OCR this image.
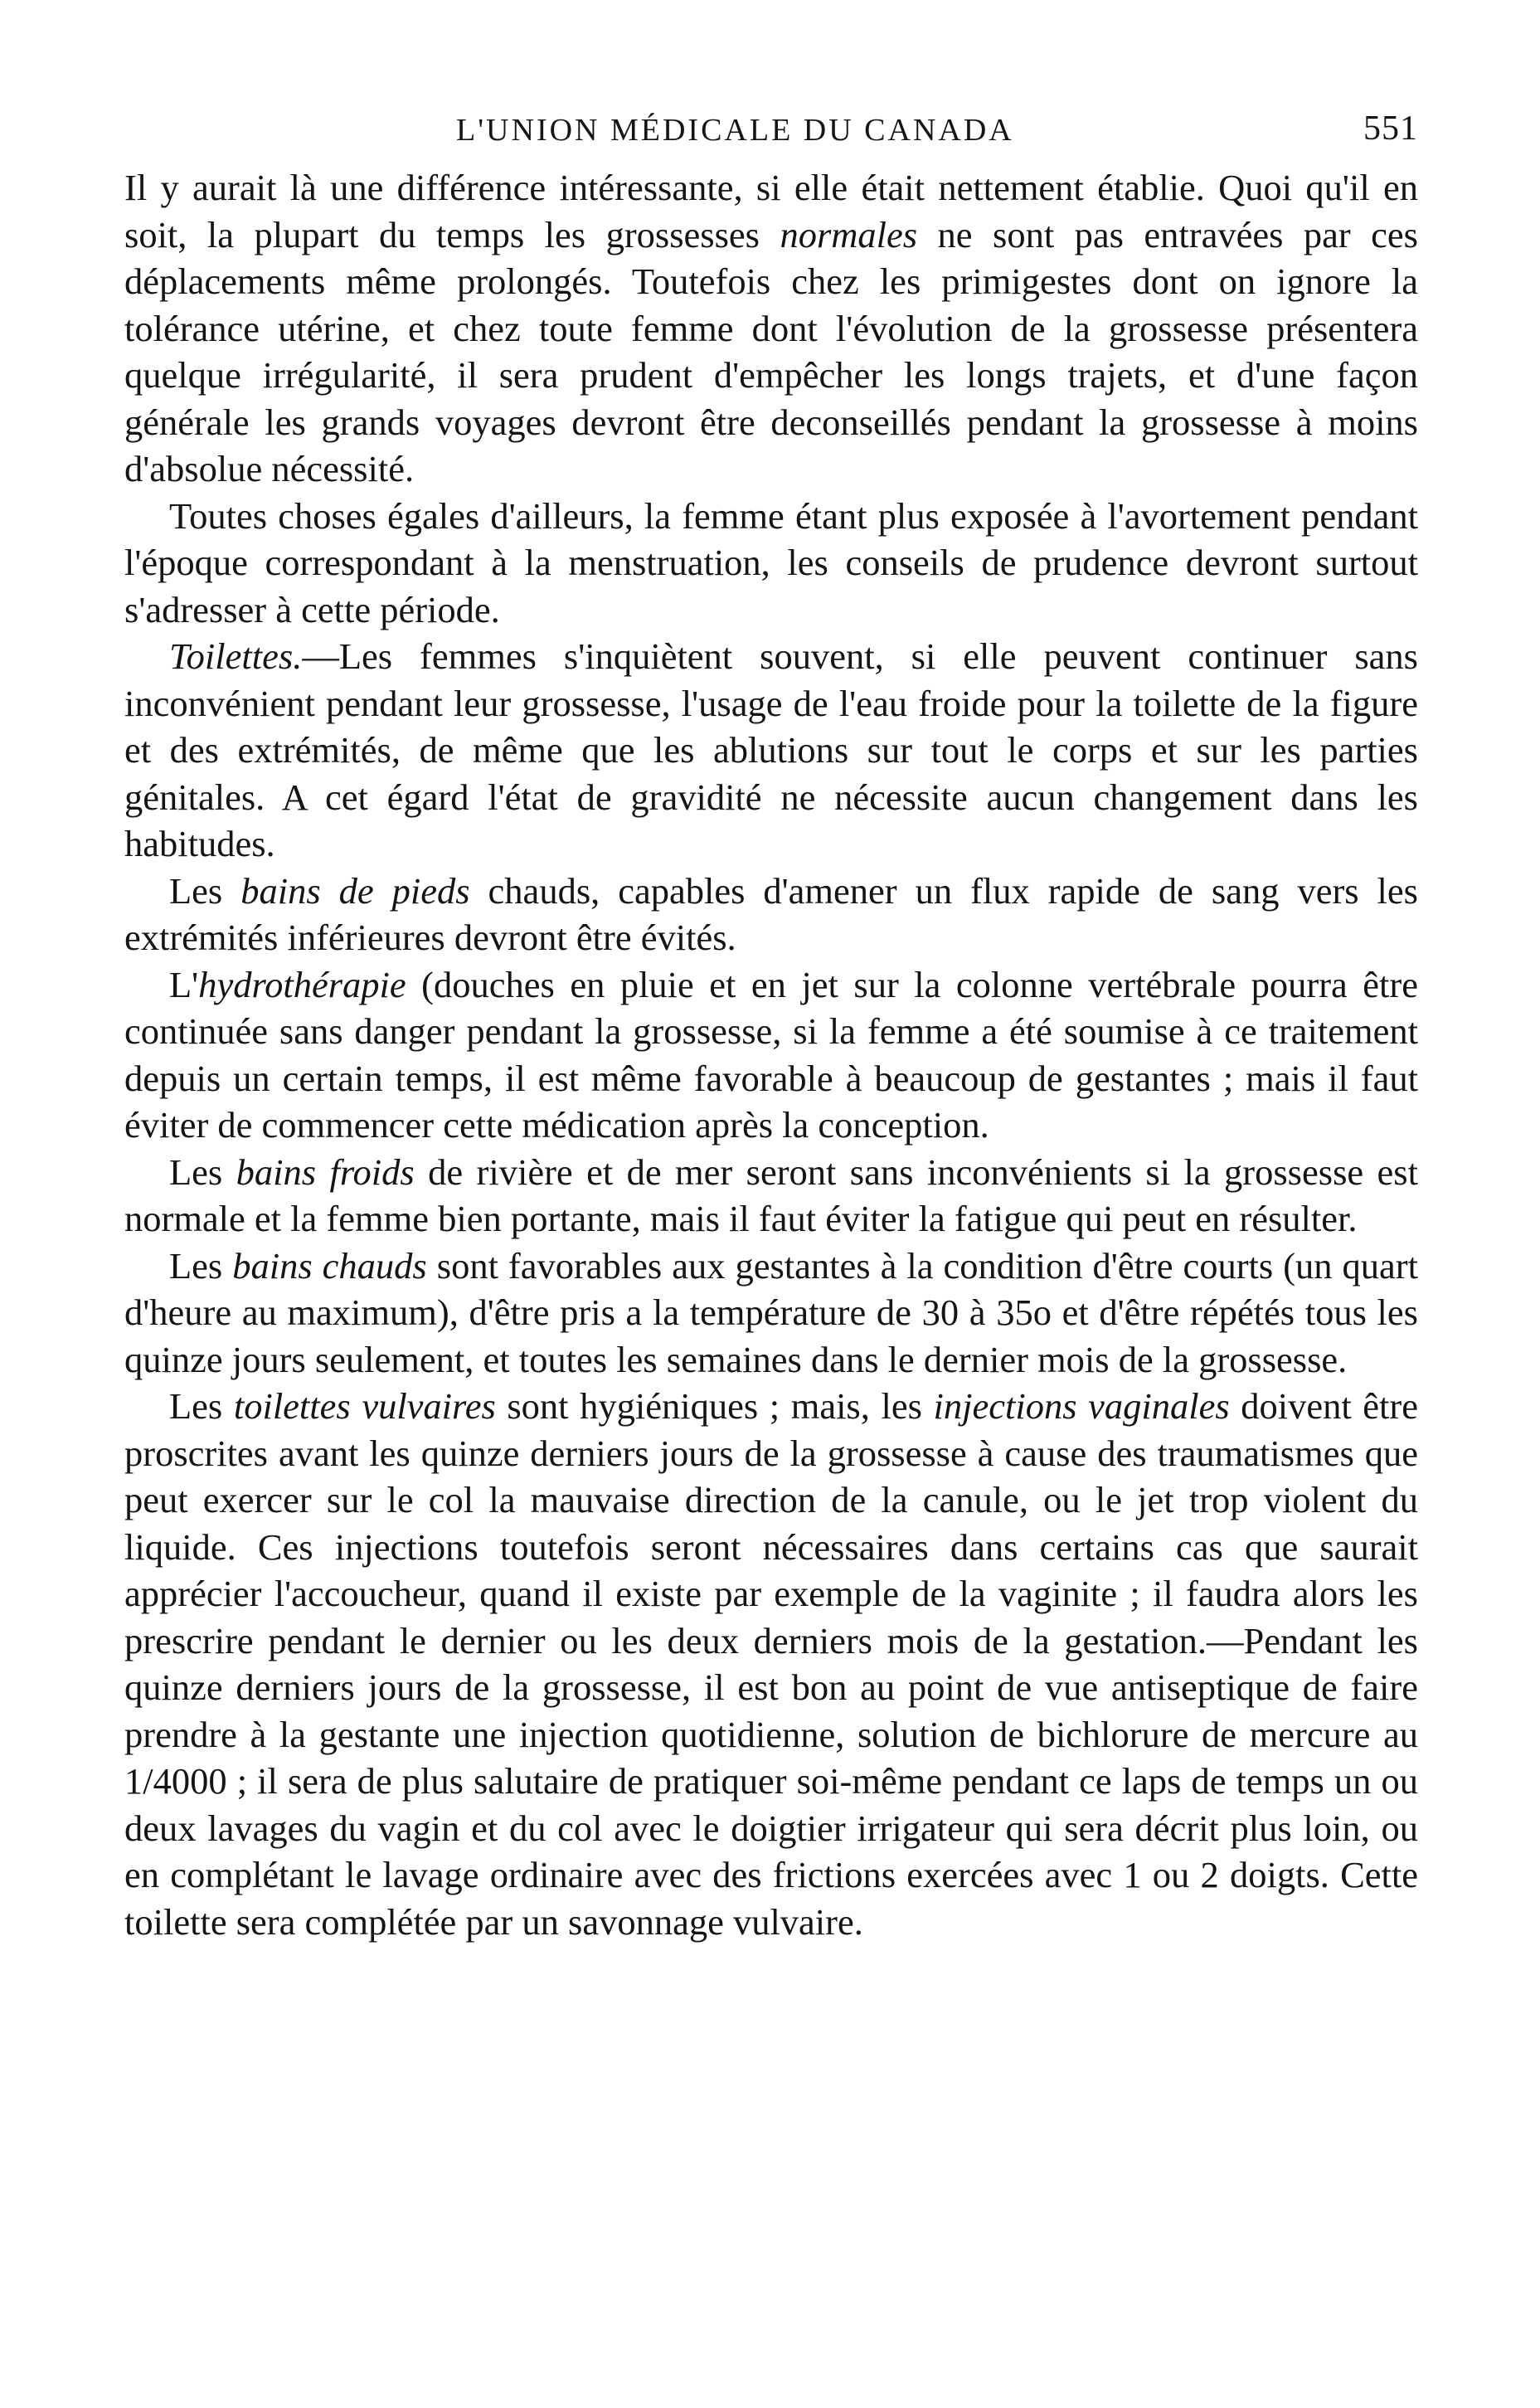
L'UNION MÉDICALE DU CANADA	551

Il y aurait là une différence intéressante, si elle était nettement établie. Quoi qu'il en soit, la plupart du temps les grossesses normales ne sont pas entravées par ces déplacements même prolongés. Toutefois chez les primigestes dont on ignore la tolérance utérine, et chez toute femme dont l'évolution de la grossesse présentera quelque irrégularité, il sera prudent d'empêcher les longs trajets, et d'une façon générale les grands voyages devront être deconseillés pendant la grossesse à moins d'absolue nécessité.

Toutes choses égales d'ailleurs, la femme étant plus exposée à l'avortement pendant l'époque correspondant à la menstruation, les conseils de prudence devront surtout s'adresser à cette période.

Toilettes.—Les femmes s'inquiètent souvent, si elle peuvent continuer sans inconvénient pendant leur grossesse, l'usage de l'eau froide pour la toilette de la figure et des extrémités, de même que les ablutions sur tout le corps et sur les parties génitales. A cet égard l'état de gravidité ne nécessite aucun changement dans les habitudes.

Les bains de pieds chauds, capables d'amener un flux rapide de sang vers les extrémités inférieures devront être évités.

L'hydrothérapie (douches en pluie et en jet sur la colonne vertébrale pourra être continuée sans danger pendant la grossesse, si la femme a été soumise à ce traitement depuis un certain temps, il est même favorable à beaucoup de gestantes ; mais il faut éviter de commencer cette médication après la conception.

Les bains froids de rivière et de mer seront sans inconvénients si la grossesse est normale et la femme bien portante, mais il faut éviter la fatigue qui peut en résulter.

Les bains chauds sont favorables aux gestantes à la condition d'être courts (un quart d'heure au maximum), d'être pris a la température de 30 à 35o et d'être répétés tous les quinze jours seulement, et toutes les semaines dans le dernier mois de la grossesse.

Les toilettes vulvaires sont hygiéniques ; mais, les injections vaginales doivent être proscrites avant les quinze derniers jours de la grossesse à cause des traumatismes que peut exercer sur le col la mauvaise direction de la canule, ou le jet trop violent du liquide. Ces injections toutefois seront nécessaires dans certains cas que saurait apprécier l'accoucheur, quand il existe par exemple de la vaginite ; il faudra alors les prescrire pendant le dernier ou les deux derniers mois de la gestation.—Pendant les quinze derniers jours de la grossesse, il est bon au point de vue antiseptique de faire prendre à la gestante une injection quotidienne, solution de bichlorure de mercure au 1/4000 ; il sera de plus salutaire de pratiquer soi-même pendant ce laps de temps un ou deux lavages du vagin et du col avec le doigtier irrigateur qui sera décrit plus loin, ou en complétant le lavage ordinaire avec des frictions exercées avec 1 ou 2 doigts. Cette toilette sera complétée par un savonnage vulvaire.
